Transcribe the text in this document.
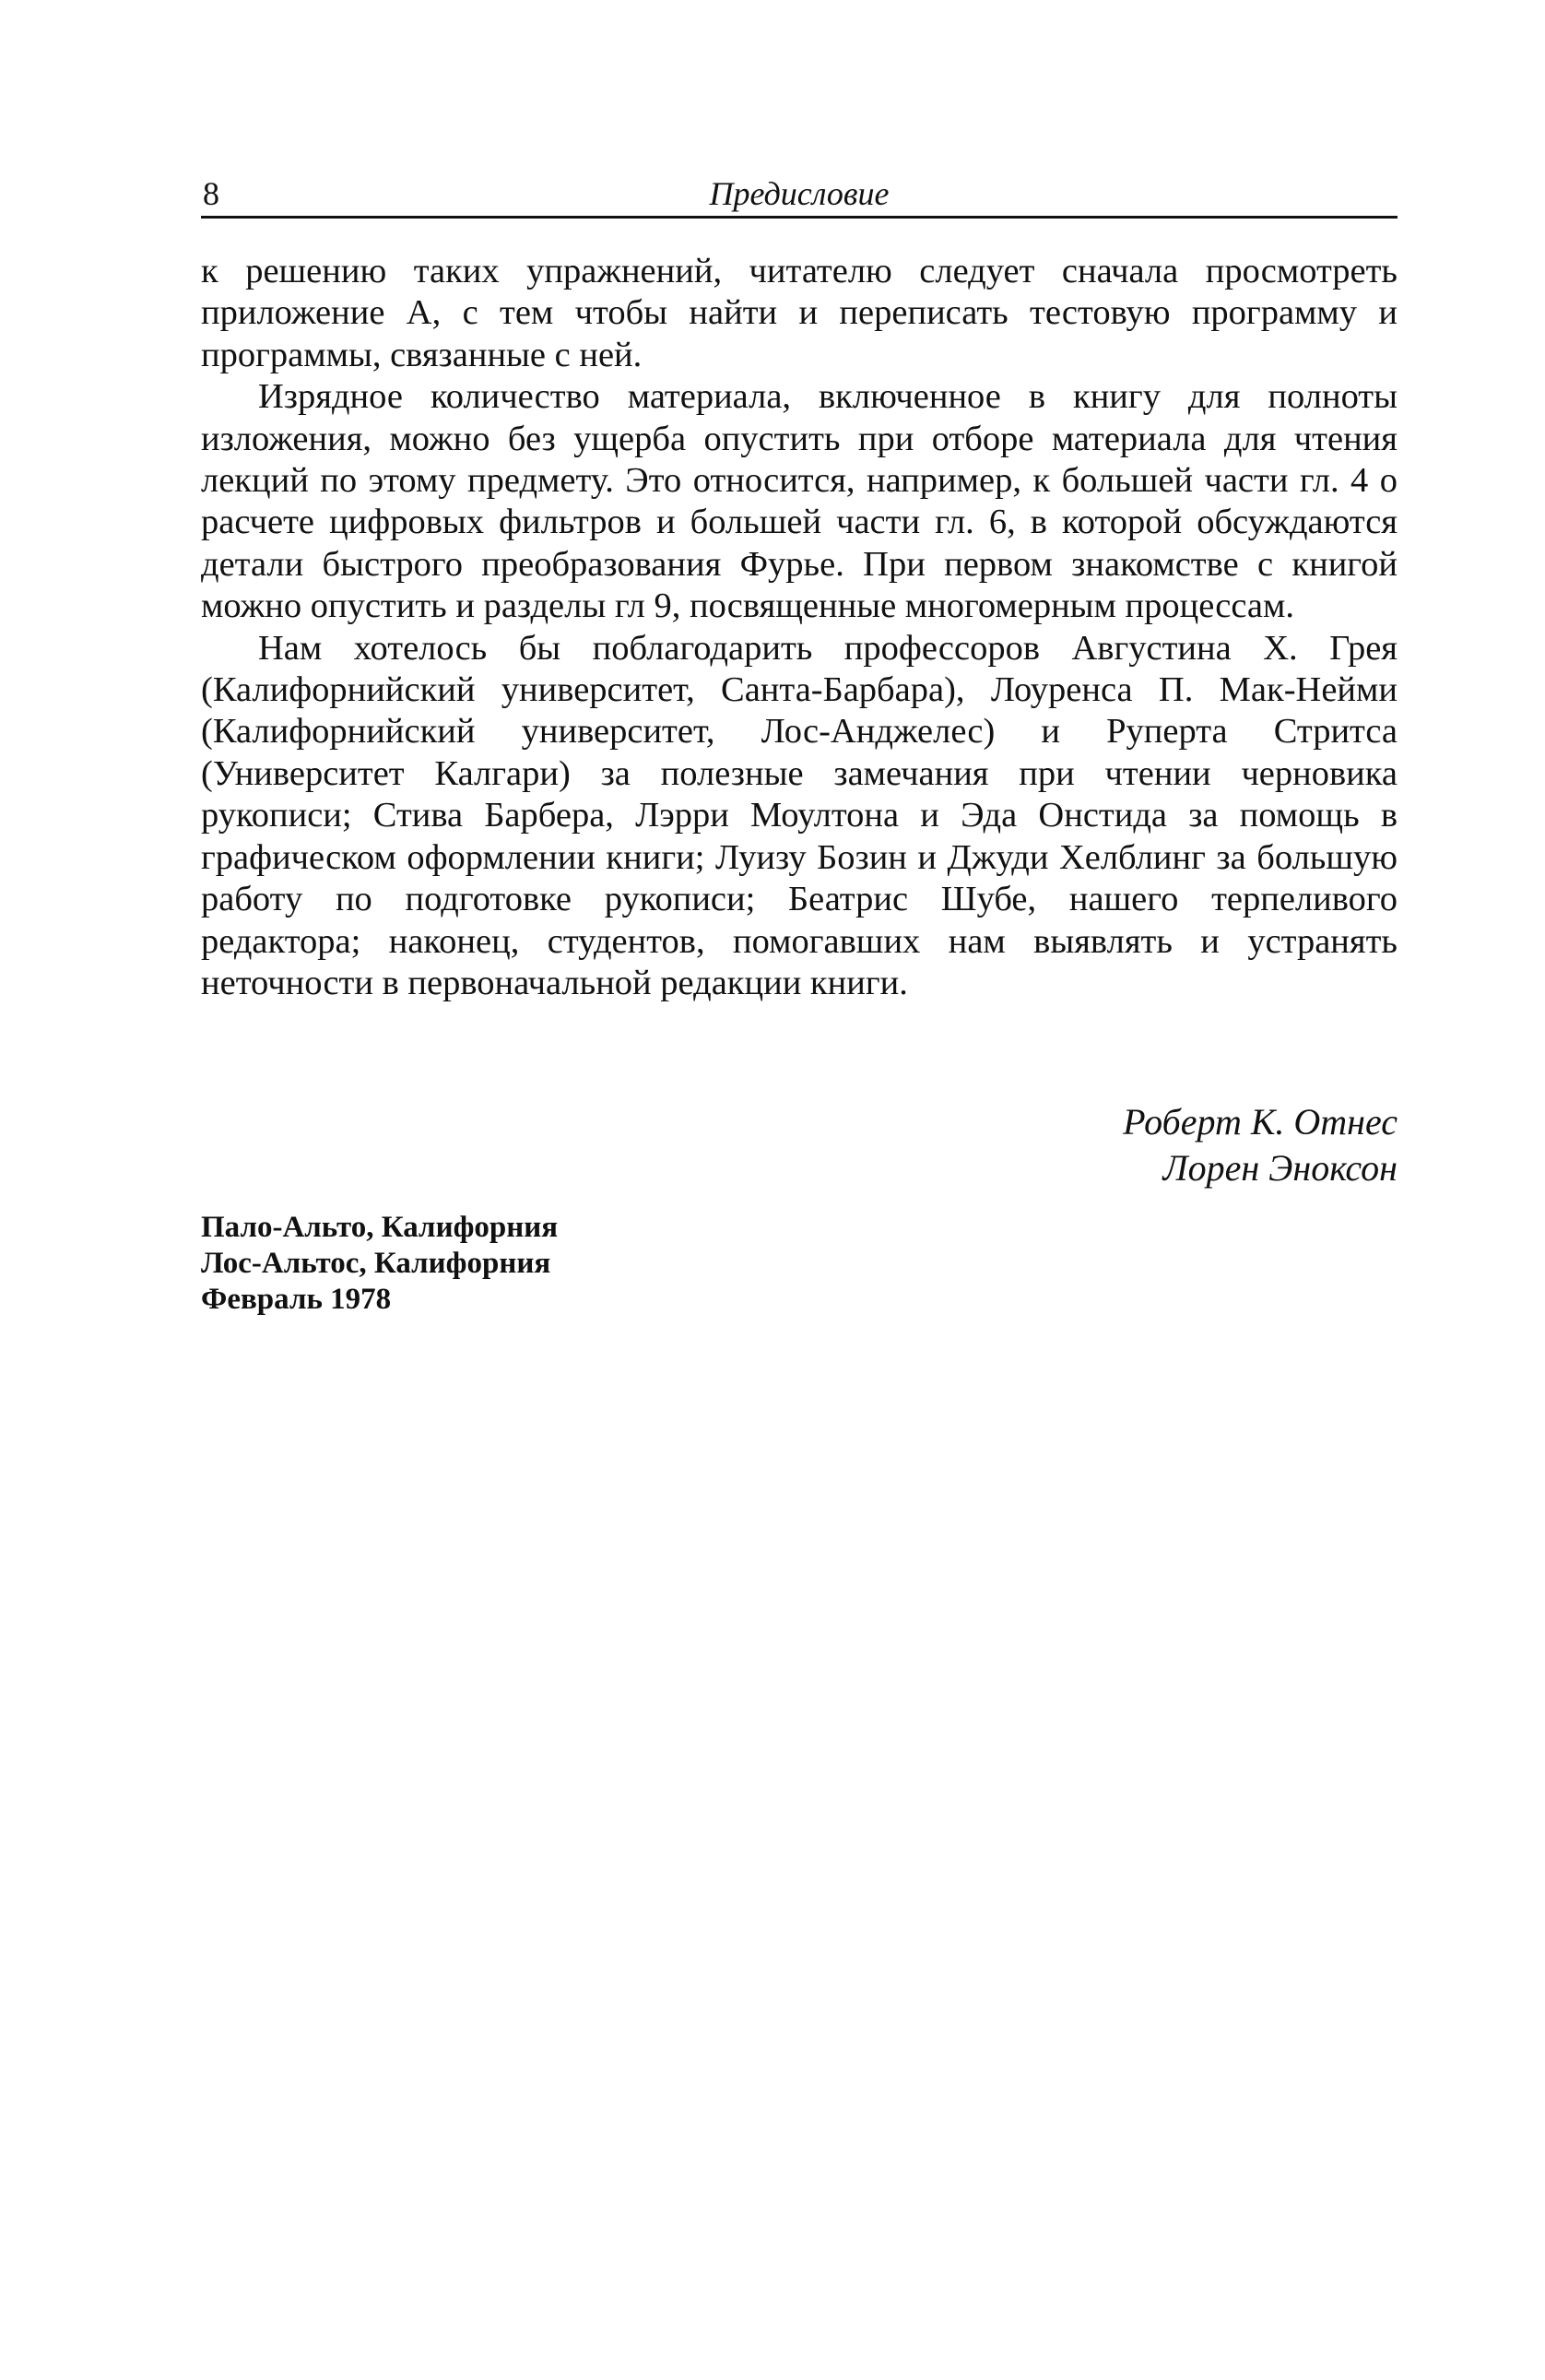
8	Предисловие

к решению таких упражнений, читателю следует сначала просмотреть приложение А, с тем чтобы найти и переписать тестовую программу и программы, связанные с ней.

Изрядное количество материала, включенное в книгу для полноты изложения, можно без ущерба опустить при отборе материала для чтения лекций по этому предмету. Это относится, например, к большей части гл. 4 о расчете цифровых фильтров и большей части гл. 6, в которой обсуждаются детали быстрого преобразования Фурье. При первом знакомстве с книгой можно опустить и разделы гл 9, посвященные многомерным процессам.

Нам хотелось бы поблагодарить профессоров Августина Х. Грея (Калифорнийский университет, Санта-Барбара), Лоуренса П. Мак-Нейми (Калифорнийский университет, Лос-Анджелес) и Руперта Стритса (Университет Калгари) за полезные замечания при чтении черновика рукописи; Стива Барбера, Лэрри Моултона и Эда Онстида за помощь в графическом оформлении книги; Луизу Бозин и Джуди Хелблинг за большую работу по подготовке рукописи; Беатрис Шубе, нашего терпеливого редактора; наконец, студентов, помогавших нам выявлять и устранять неточности в первоначальной редакции книги.

Роберт К. Отнес
Лорен Эноксон
Пало-Альто, Калифорния
Лос-Альтос, Калифорния
Февраль 1978
